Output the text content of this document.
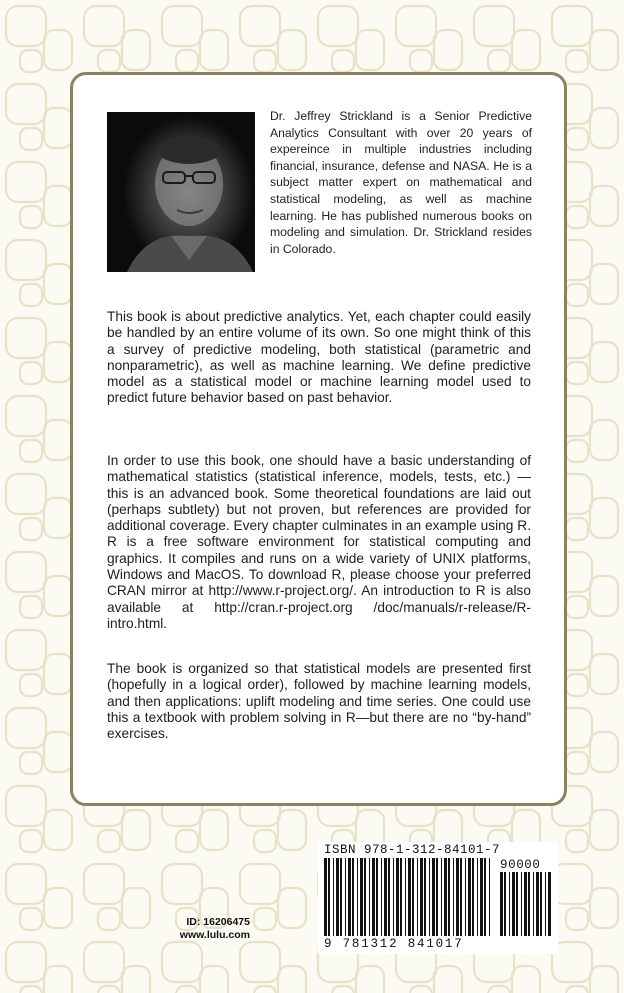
Dr. Jeffrey Strickland is a Senior Predictive Analytics Consultant with over 20 years of expereince in multiple industries including financial, insurance, defense and NASA. He is a subject matter expert on mathematical and statistical modeling, as well as machine learning. He has published numerous books on modeling and simulation. Dr. Strickland resides in Colorado.

This book is about predictive analytics. Yet, each chapter could easily be handled by an entire volume of its own. So one might think of this a survey of predictive modeling, both statistical (parametric and nonparametric), as well as machine learning. We define predictive model as a statistical model or machine learning model used to predict future behavior based on past behavior.

In order to use this book, one should have a basic understanding of mathematical statistics (statistical inference, models, tests, etc.) — this is an advanced book. Some theoretical foundations are laid out (perhaps subtlety) but not proven, but references are provided for additional coverage. Every chapter culminates in an example using R. R is a free software environment for statistical computing and graphics. It compiles and runs on a wide variety of UNIX platforms, Windows and MacOS. To download R, please choose your preferred CRAN mirror at http://www.r-project.org/. An introduction to R is also available at http://cran.r-project.org /doc/manuals/r-release/R-intro.html.

The book is organized so that statistical models are presented first (hopefully in a logical order), followed by machine learning models, and then applications: uplift modeling and time series. One could use this a textbook with problem solving in R—but there are no “by-hand” exercises.

ID: 16206475
www.lulu.com
ISBN 978-1-312-84101-7
90000
9 781312 841017
